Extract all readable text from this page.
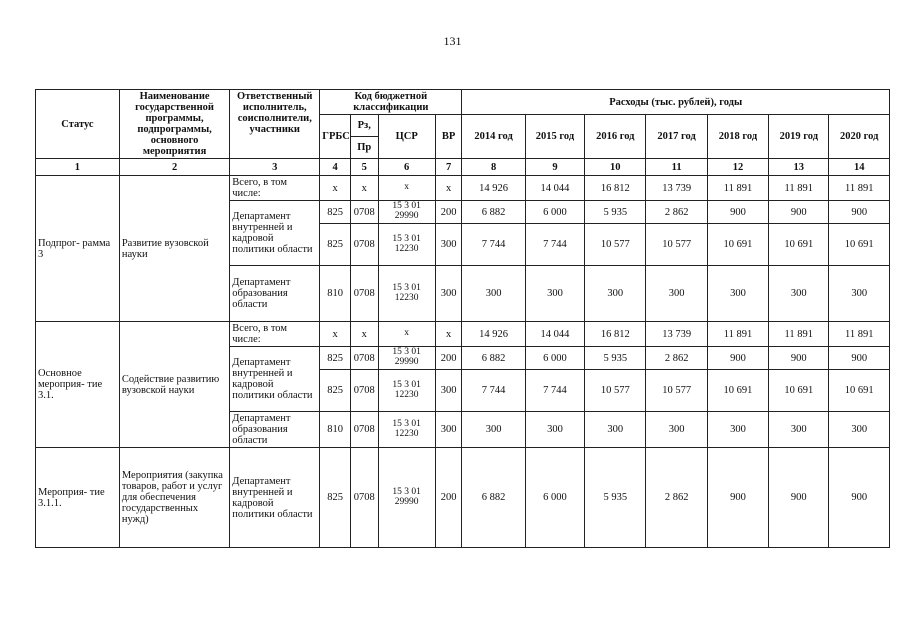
131
Статус	Наименование государственной программы, подпрограммы, основного мероприятия	Ответственный исполнитель, соисполнители, участники	Код бюджетной классификации				Расходы (тыс. рублей), годы						
			ГРБС	Рз,	ЦСР	ВР	2014 год	2015 год	2016 год	2017 год	2018 год	2019 год	2020 год
				Пр									
1	2	3	4	5	6	7	8	9	10	11	12	13	14
Подпрог- рамма 3	Развитие вузовской науки	Всего, в том числе:	х	х	х	х	14 926	14 044	16 812	13 739	11 891	11 891	11 891
		Департамент внутренней и кадровой политики области	825	0708	15 3 01 29990	200	6 882	6 000	5 935	2 862	900	900	900
			825	0708	15 3 01 12230	300	7 744	7 744	10 577	10 577	10 691	10 691	10 691
		Департамент образования области	810	0708	15 3 01 12230	300	300	300	300	300	300	300	300
Основное мероприя- тие 3.1.	Содействие развитию вузовской науки	Всего, в том числе:	х	х	х	х	14 926	14 044	16 812	13 739	11 891	11 891	11 891
		Департамент внутренней и кадровой политики области	825	0708	15 3 01 29990	200	6 882	6 000	5 935	2 862	900	900	900
			825	0708	15 3 01 12230	300	7 744	7 744	10 577	10 577	10 691	10 691	10 691
		Департамент образования области	810	0708	15 3 01 12230	300	300	300	300	300	300	300	300
Мероприя- тие 3.1.1.	Мероприятия (закупка товаров, работ и услуг для обеспечения государственных нужд)	Департамент внутренней и кадровой политики области	825	0708	15 3 01 29990	200	6 882	6 000	5 935	2 862	900	900	900
